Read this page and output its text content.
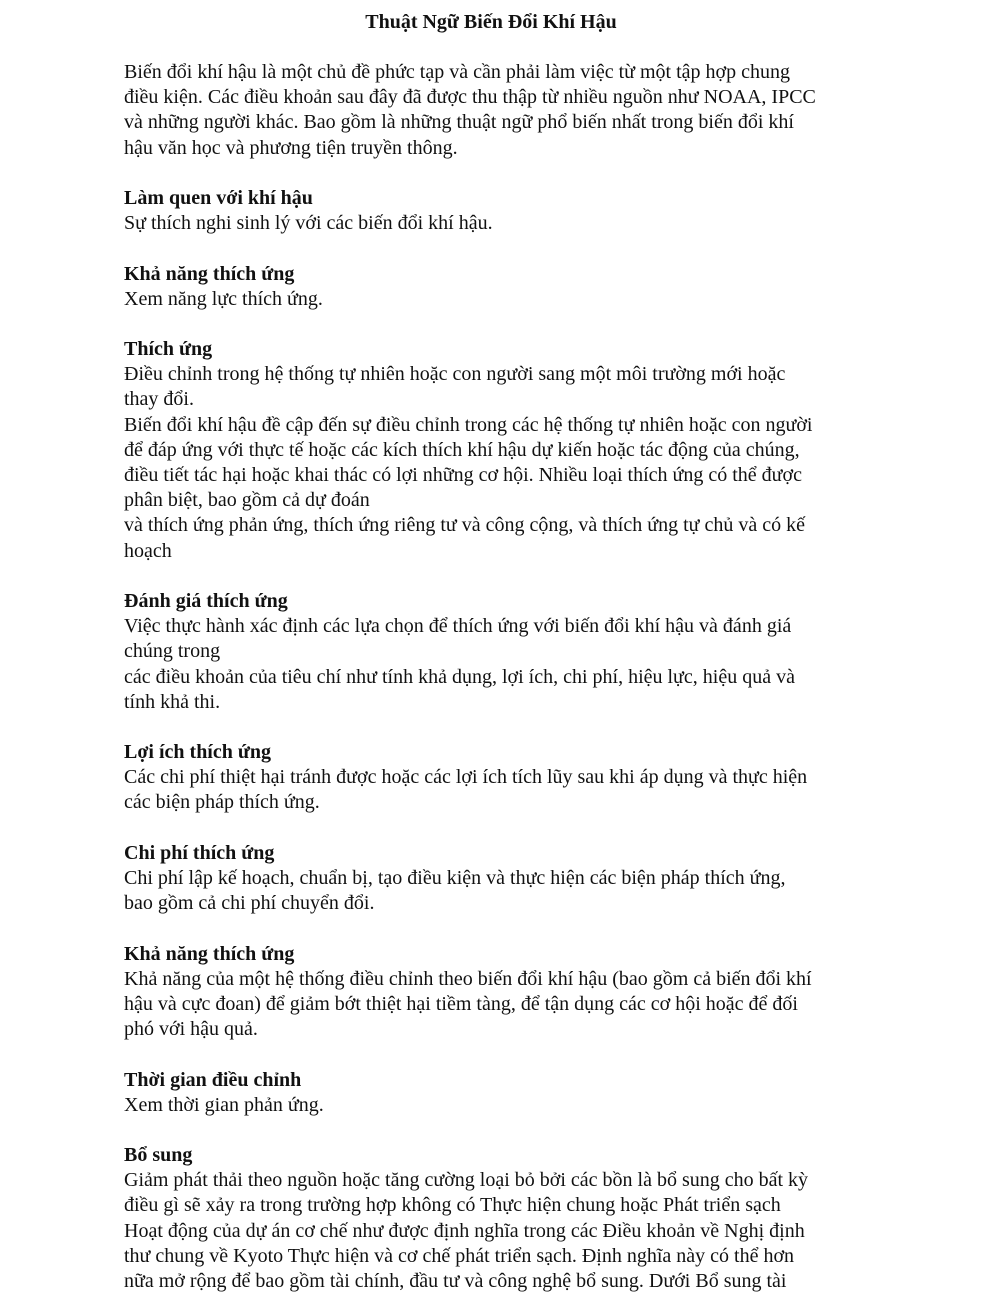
Thuật Ngữ Biến Đổi Khí Hậu
Biến đổi khí hậu là một chủ đề phức tạp và cần phải làm việc từ một tập hợp chung
điều kiện. Các điều khoản sau đây đã được thu thập từ nhiều nguồn như NOAA, IPCC
và những người khác. Bao gồm là những thuật ngữ phổ biến nhất trong biến đổi khí
hậu văn học và phương tiện truyền thông.
Làm quen với khí hậu
Sự thích nghi sinh lý với các biến đổi khí hậu.
Khả năng thích ứng
Xem năng lực thích ứng.
Thích ứng
Điều chỉnh trong hệ thống tự nhiên hoặc con người sang một môi trường mới hoặc
thay đổi.
Biến đổi khí hậu đề cập đến sự điều chỉnh trong các hệ thống tự nhiên hoặc con người
để đáp ứng với thực tế hoặc các kích thích khí hậu dự kiến hoặc tác động của chúng,
điều tiết tác hại hoặc khai thác có lợi những cơ hội. Nhiều loại thích ứng có thể được
phân biệt, bao gồm cả dự đoán
và thích ứng phản ứng, thích ứng riêng tư và công cộng, và thích ứng tự chủ và có kế
hoạch
Đánh giá thích ứng
Việc thực hành xác định các lựa chọn để thích ứng với biến đổi khí hậu và đánh giá
chúng trong
các điều khoản của tiêu chí như tính khả dụng, lợi ích, chi phí, hiệu lực, hiệu quả và
tính khả thi.
Lợi ích thích ứng
Các chi phí thiệt hại tránh được hoặc các lợi ích tích lũy sau khi áp dụng và thực hiện
các biện pháp thích ứng.
Chi phí thích ứng
Chi phí lập kế hoạch, chuẩn bị, tạo điều kiện và thực hiện các biện pháp thích ứng,
bao gồm cả chi phí chuyển đổi.
Khả năng thích ứng
Khả năng của một hệ thống điều chỉnh theo biến đổi khí hậu (bao gồm cả biến đổi khí
hậu và cực đoan) để giảm bớt thiệt hại tiềm tàng, để tận dụng các cơ hội hoặc để đối
phó với hậu quả.
Thời gian điều chỉnh
Xem thời gian phản ứng.
Bổ sung
Giảm phát thải theo nguồn hoặc tăng cường loại bỏ bởi các bồn là bổ sung cho bất kỳ
điều gì sẽ xảy ra trong trường hợp không có Thực hiện chung hoặc Phát triển sạch
Hoạt động của dự án cơ chế như được định nghĩa trong các Điều khoản về Nghị định
thư chung về Kyoto Thực hiện và cơ chế phát triển sạch. Định nghĩa này có thể hơn
nữa mở rộng để bao gồm tài chính, đầu tư và công nghệ bổ sung. Dưới Bổ sung tài
